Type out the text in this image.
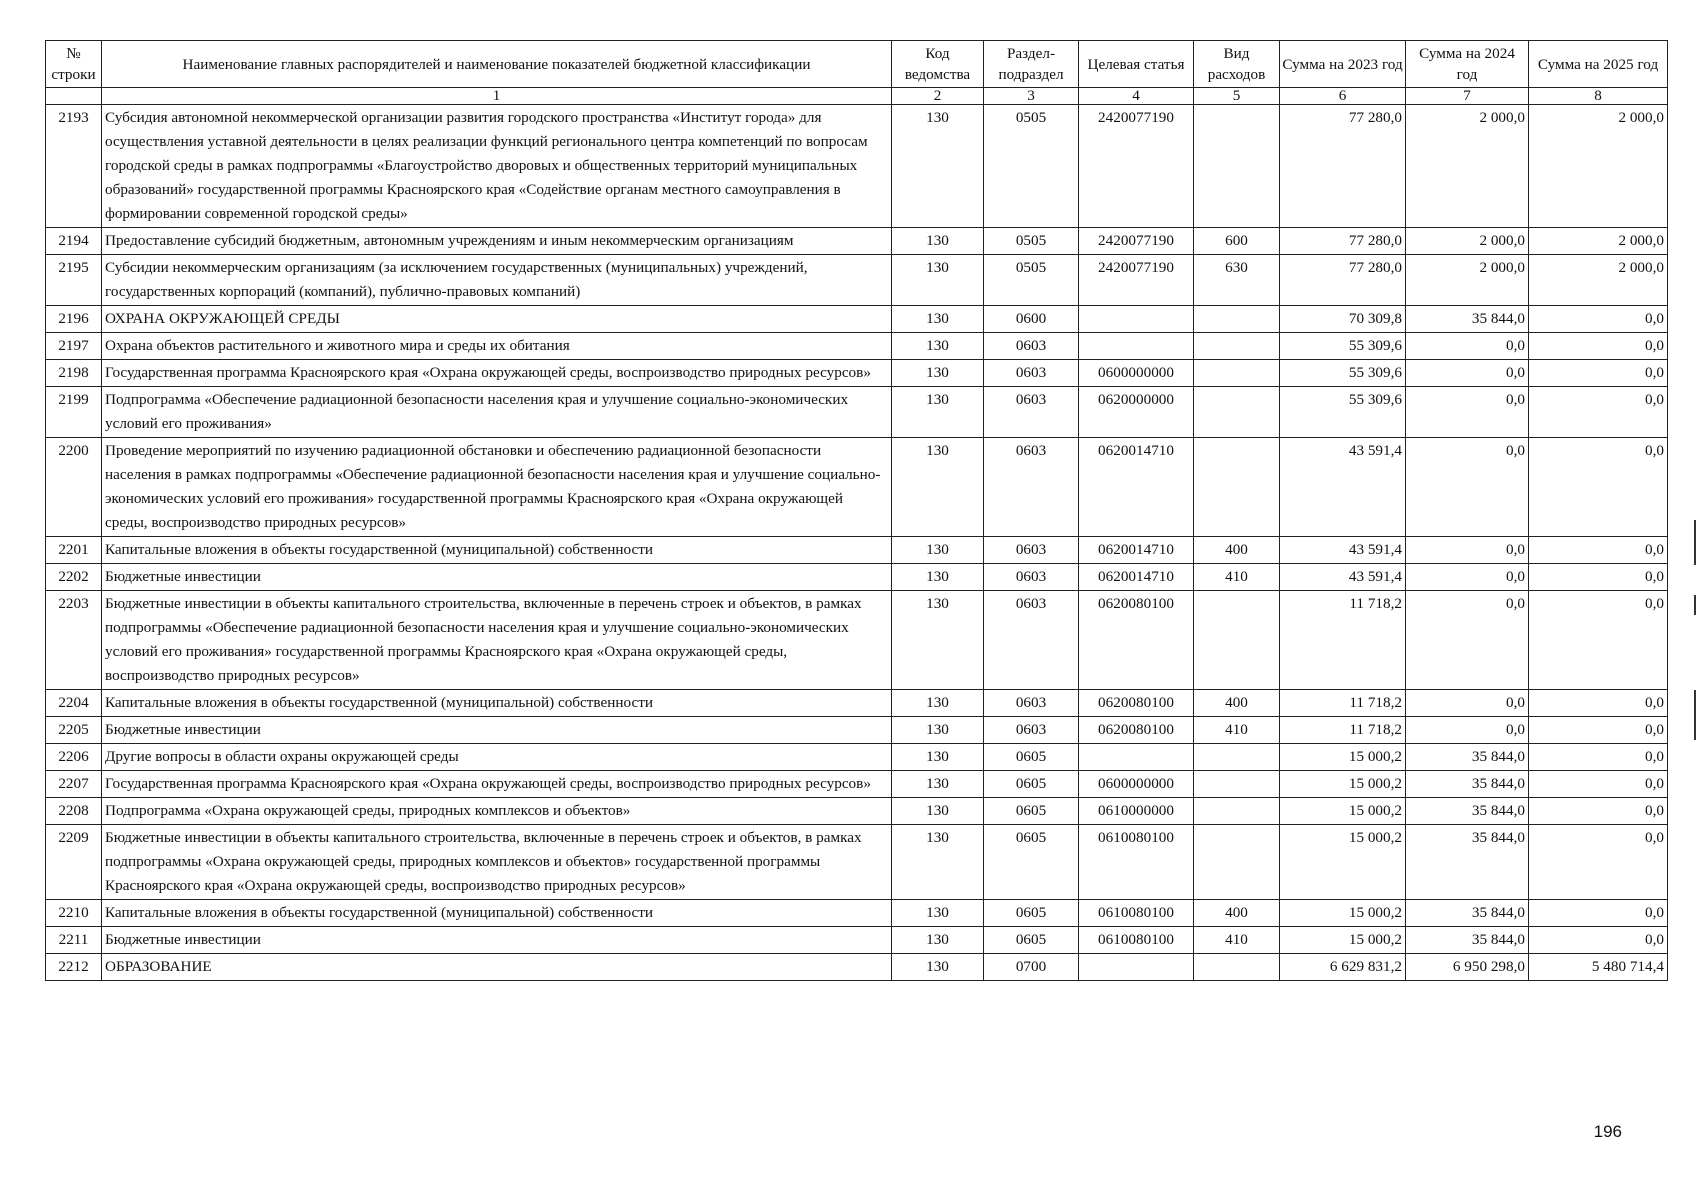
№ строки	Наименование главных распорядителей и наименование показателей бюджетной классификации	Код ведомства	Раздел-подраздел	Целевая статья	Вид расходов	Сумма на 2023 год	Сумма на 2024 год	Сумма на 2025 год
	1	2	3	4	5	6	7	8
2193	Субсидия автономной некоммерческой организации развития городского пространства «Институт города» для осуществления уставной деятельности в целях реализации функций регионального центра компетенций по вопросам городской среды в рамках подпрограммы «Благоустройство дворовых и общественных территорий муниципальных образований» государственной программы Красноярского края «Содействие органам местного самоуправления в формировании современной городской среды»	130	0505	2420077190		77 280,0	2 000,0	2 000,0
2194	Предоставление субсидий бюджетным, автономным учреждениям и иным некоммерческим организациям	130	0505	2420077190	600	77 280,0	2 000,0	2 000,0
2195	Субсидии некоммерческим организациям (за исключением государственных (муниципальных) учреждений, государственных корпораций (компаний), публично-правовых компаний)	130	0505	2420077190	630	77 280,0	2 000,0	2 000,0
2196	ОХРАНА ОКРУЖАЮЩЕЙ СРЕДЫ	130	0600			70 309,8	35 844,0	0,0
2197	Охрана объектов растительного и животного мира и среды их обитания	130	0603			55 309,6	0,0	0,0
2198	Государственная программа Красноярского края «Охрана окружающей среды, воспроизводство природных ресурсов»	130	0603	0600000000		55 309,6	0,0	0,0
2199	Подпрограмма «Обеспечение радиационной безопасности населения края и улучшение социально-экономических условий его проживания»	130	0603	0620000000		55 309,6	0,0	0,0
2200	Проведение мероприятий по изучению радиационной обстановки и обеспечению радиационной безопасности населения в рамках подпрограммы «Обеспечение радиационной безопасности населения края и улучшение социально-экономических условий его проживания» государственной программы Красноярского края «Охрана окружающей среды, воспроизводство природных ресурсов»	130	0603	0620014710		43 591,4	0,0	0,0
2201	Капитальные вложения в объекты государственной (муниципальной) собственности	130	0603	0620014710	400	43 591,4	0,0	0,0
2202	Бюджетные инвестиции	130	0603	0620014710	410	43 591,4	0,0	0,0
2203	Бюджетные инвестиции в объекты капитального строительства, включенные в перечень строек и объектов, в рамках подпрограммы «Обеспечение радиационной безопасности населения края и улучшение социально-экономических условий его проживания» государственной программы Красноярского края «Охрана окружающей среды, воспроизводство природных ресурсов»	130	0603	0620080100		11 718,2	0,0	0,0
2204	Капитальные вложения в объекты государственной (муниципальной) собственности	130	0603	0620080100	400	11 718,2	0,0	0,0
2205	Бюджетные инвестиции	130	0603	0620080100	410	11 718,2	0,0	0,0
2206	Другие вопросы в области охраны окружающей среды	130	0605			15 000,2	35 844,0	0,0
2207	Государственная программа Красноярского края «Охрана окружающей среды, воспроизводство природных ресурсов»	130	0605	0600000000		15 000,2	35 844,0	0,0
2208	Подпрограмма «Охрана окружающей среды, природных комплексов и объектов»	130	0605	0610000000		15 000,2	35 844,0	0,0
2209	Бюджетные инвестиции в объекты капитального строительства, включенные в перечень строек и объектов, в рамках подпрограммы «Охрана окружающей среды, природных комплексов и объектов» государственной программы Красноярского края «Охрана окружающей среды, воспроизводство природных ресурсов»	130	0605	0610080100		15 000,2	35 844,0	0,0
2210	Капитальные вложения в объекты государственной (муниципальной) собственности	130	0605	0610080100	400	15 000,2	35 844,0	0,0
2211	Бюджетные инвестиции	130	0605	0610080100	410	15 000,2	35 844,0	0,0
2212	ОБРАЗОВАНИЕ	130	0700			6 629 831,2	6 950 298,0	5 480 714,4
196
